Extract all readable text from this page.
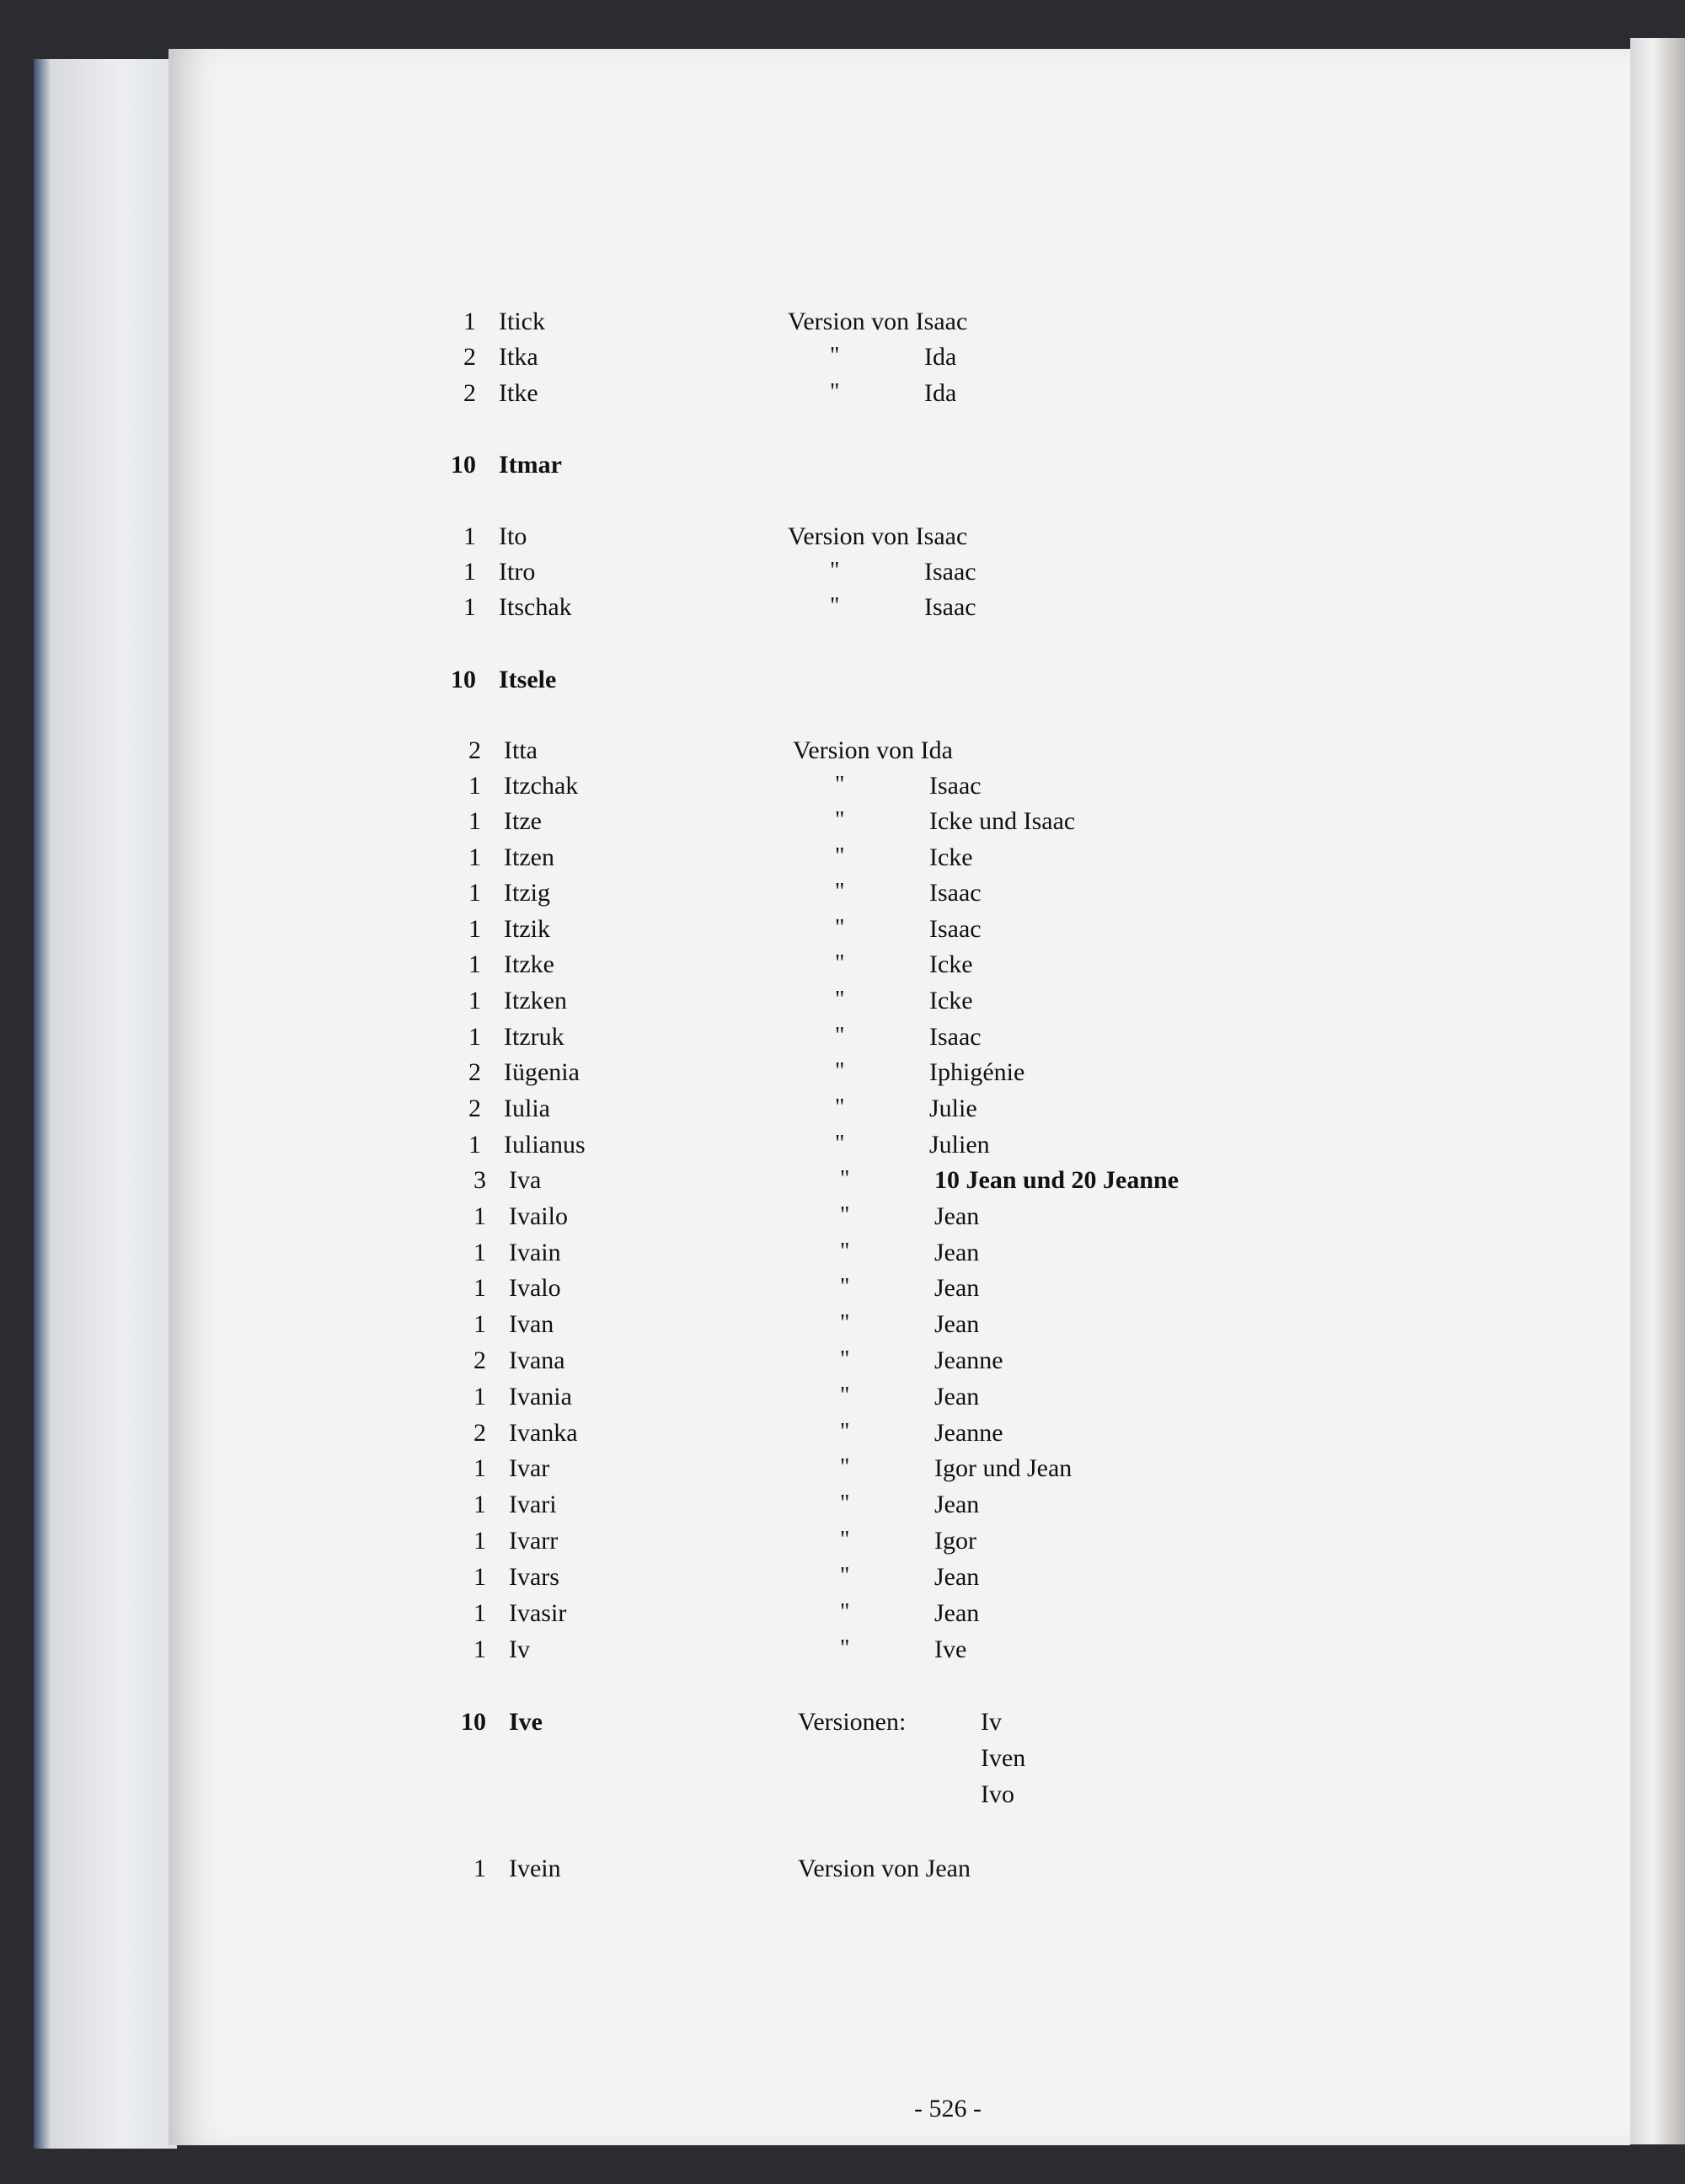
1 Itick	Version von Isaac
2 Itka	"	Ida
2 Itke	"	Ida
10 Itmar
1 Ito	Version von Isaac
1 Itro	"	Isaac
1 Itschak	"	Isaac
10 Itsele
2 Itta	Version von Ida
1 Itzchak	"	Isaac
1 Itze	"	Icke und Isaac
1 Itzen	"	Icke
1 Itzig	"	Isaac
1 Itzik	"	Isaac
1 Itzke	"	Icke
1 Itzken	"	Icke
1 Itzruk	"	Isaac
2 Iügenia	"	Iphigénie
2 Iulia	"	Julie
1 Iulianus	"	Julien
3 Iva	"	10 Jean und 20 Jeanne
1 Ivailo	"	Jean
1 Ivain	"	Jean
1 Ivalo	"	Jean
1 Ivan	"	Jean
2 Ivana	"	Jeanne
1 Ivania	"	Jean
2 Ivanka	"	Jeanne
1 Ivar	"	Igor und Jean
1 Ivari	"	Jean
1 Ivarr	"	Igor
1 Ivars	"	Jean
1 Ivasir	"	Jean
1 Iv	"	Ive
10 Ive	Versionen:	Iv
Iven
Ivo
1 Ivein	Version von Jean
- 526 -
